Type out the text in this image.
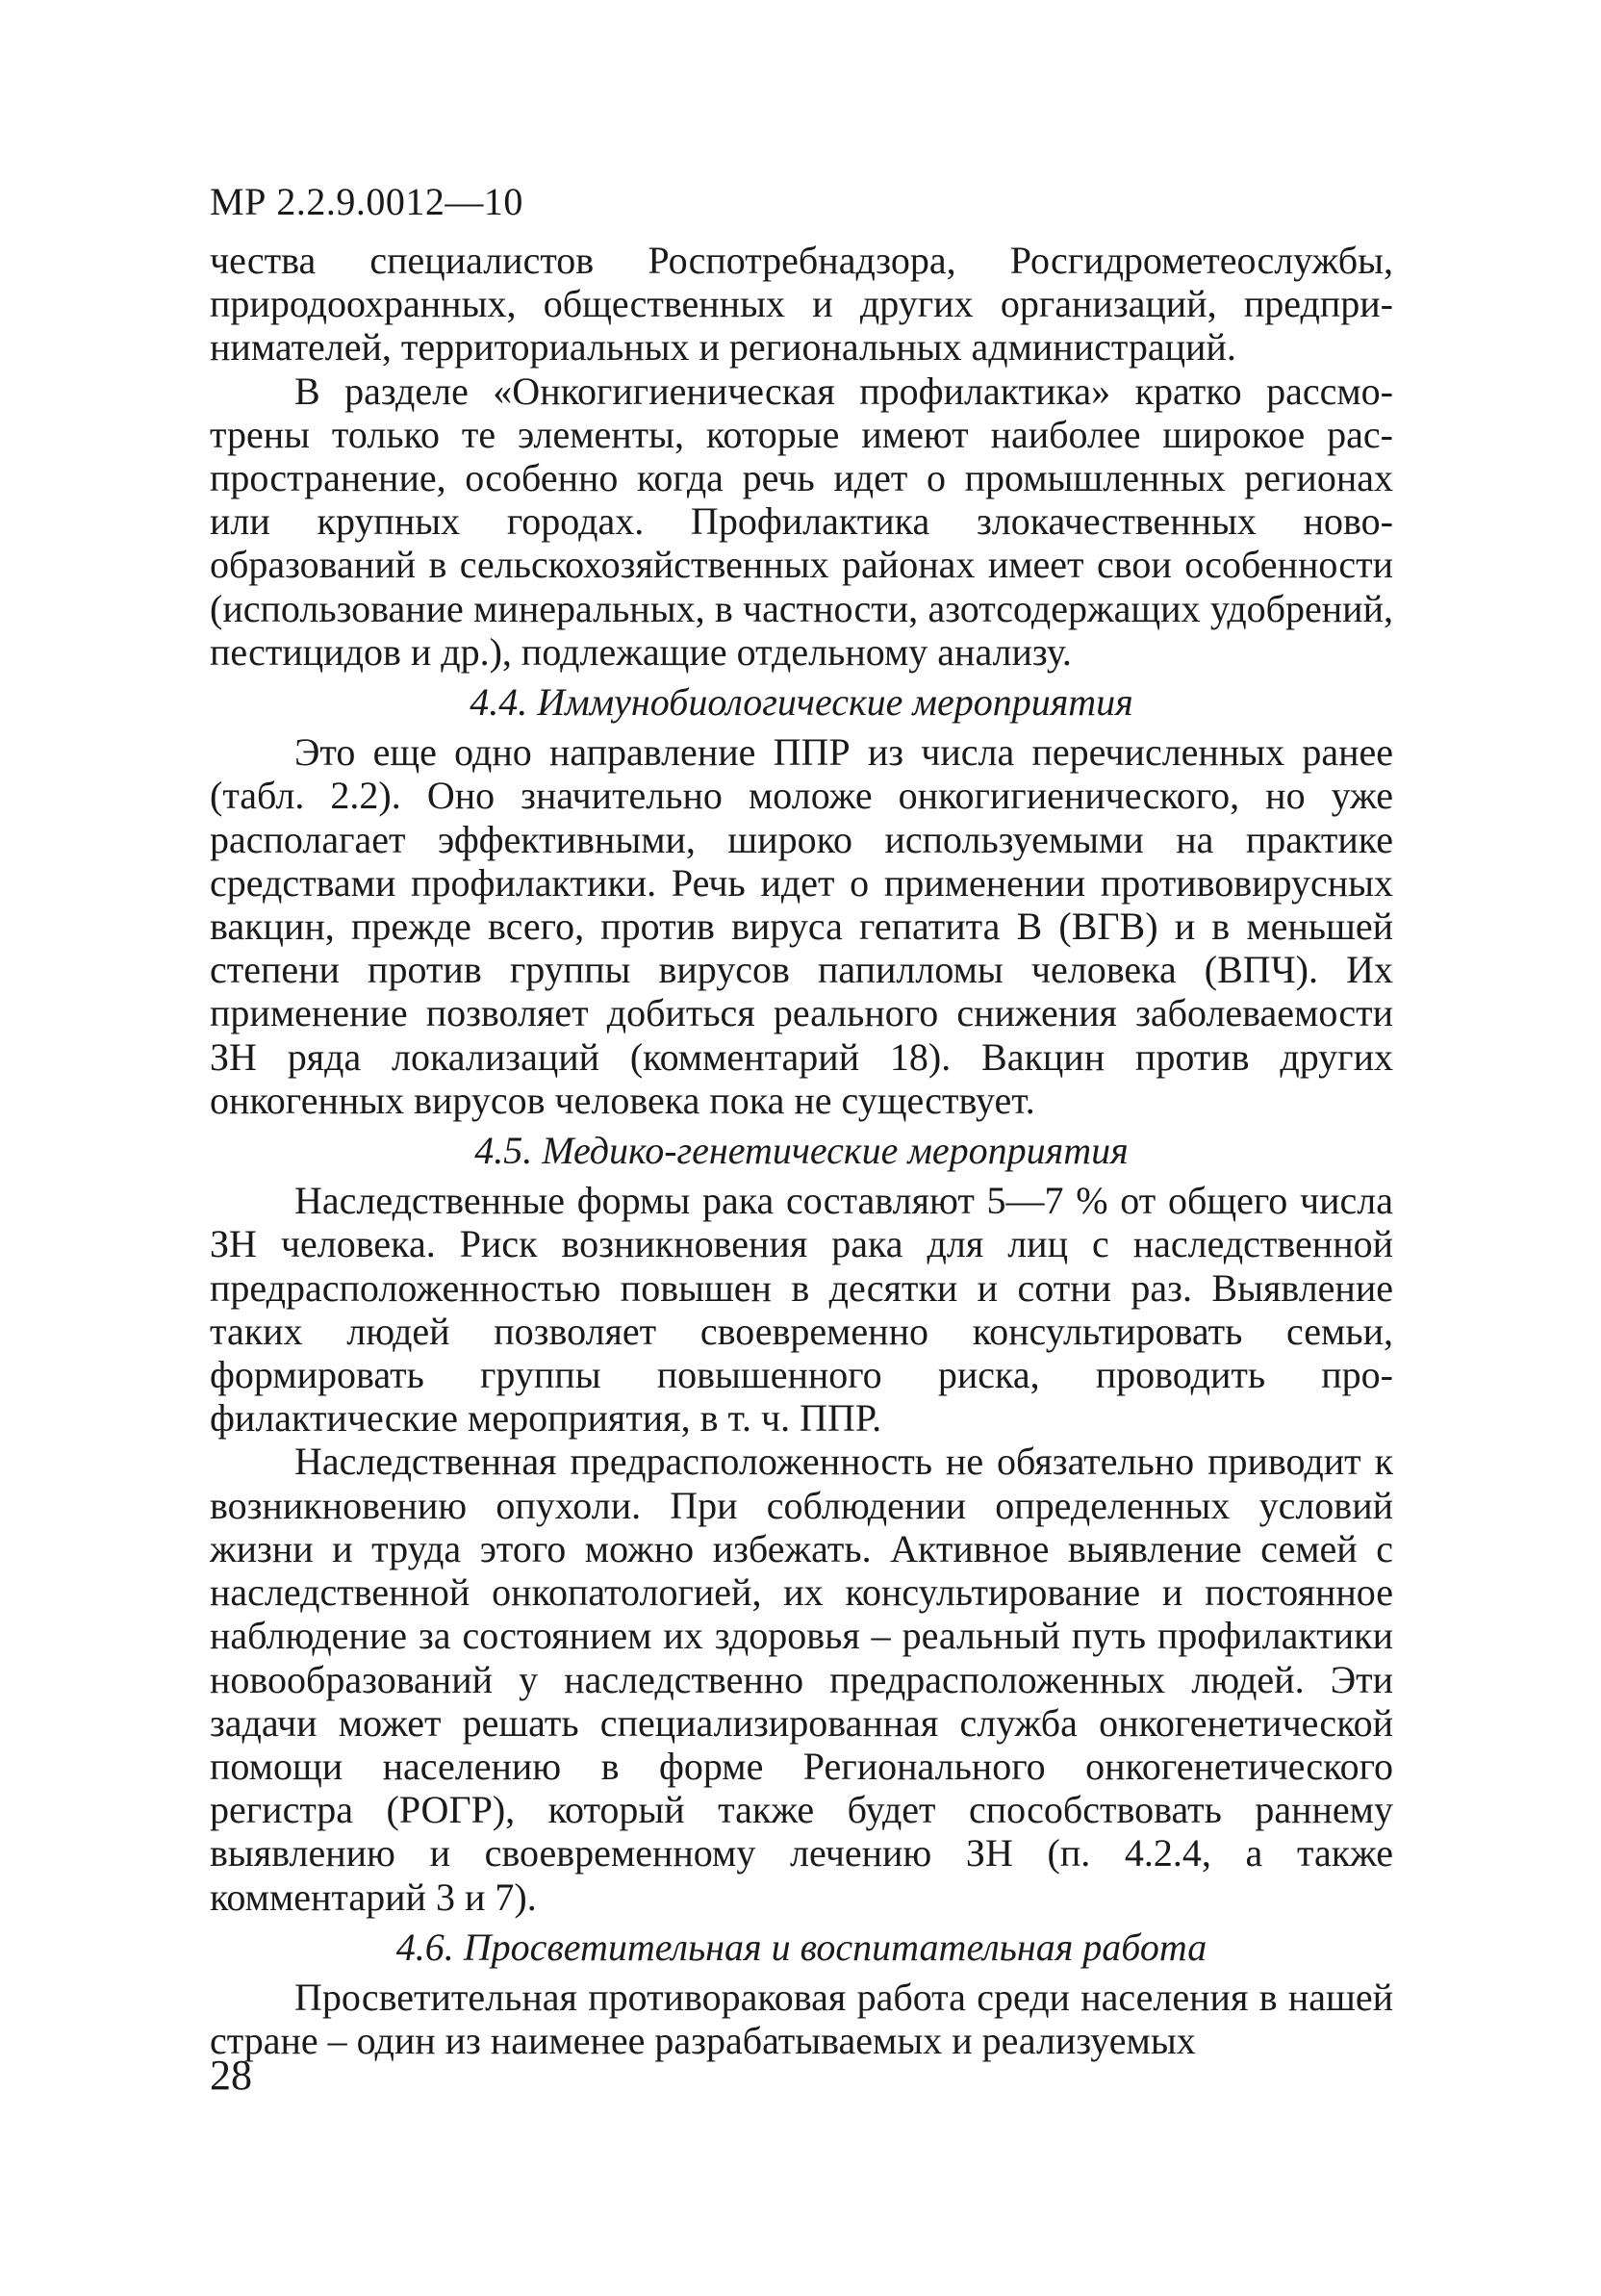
МР 2.2.9.0012—10

чества специалистов Роспотребнадзора, Росгидрометеослужбы, природоохранных, общественных и других организаций, предпринимателей, территориальных и региональных администраций.

В разделе «Онкогигиеническая профилактика» кратко рассмотрены только те элементы, которые имеют наиболее широкое распространение, особенно когда речь идет о промышленных регионах или крупных городах. Профилактика злокачественных новообразований в сельскохозяйственных районах имеет свои особенности (использование минеральных, в частности, азотсодержащих удобрений, пестицидов и др.), подлежащие отдельному анализу.

4.4. Иммунобиологические мероприятия

Это еще одно направление ППР из числа перечисленных ранее (табл. 2.2). Оно значительно моложе онкогигиенического, но уже располагает эффективными, широко используемыми на практике средствами профилактики. Речь идет о применении противовирусных вакцин, прежде всего, против вируса гепатита В (ВГВ) и в меньшей степени против группы вирусов папилломы человека (ВПЧ). Их применение позволяет добиться реального снижения заболеваемости ЗН ряда локализаций (комментарий 18). Вакцин против других онкогенных вирусов человека пока не существует.

4.5. Медико-генетические мероприятия

Наследственные формы рака составляют 5—7 % от общего числа ЗН человека. Риск возникновения рака для лиц с наследственной предрасположенностью повышен в десятки и сотни раз. Выявление таких людей позволяет своевременно консультировать семьи, формировать группы повышенного риска, проводить профилактические мероприятия, в т. ч. ППР.

Наследственная предрасположенность не обязательно приводит к возникновению опухоли. При соблюдении определенных условий жизни и труда этого можно избежать. Активное выявление семей с наследственной онкопатологией, их консультирование и постоянное наблюдение за состоянием их здоровья – реальный путь профилактики новообразований у наследственно предрасположенных людей. Эти задачи может решать специализированная служба онкогенетической помощи населению в форме Регионального онкогенетического регистра (РОГР), который также будет способствовать раннему выявлению и своевременному лечению ЗН (п. 4.2.4, а также комментарий 3 и 7).

4.6. Просветительная и воспитательная работа

Просветительная противораковая работа среди населения в нашей стране – один из наименее разрабатываемых и реализуемых

28
